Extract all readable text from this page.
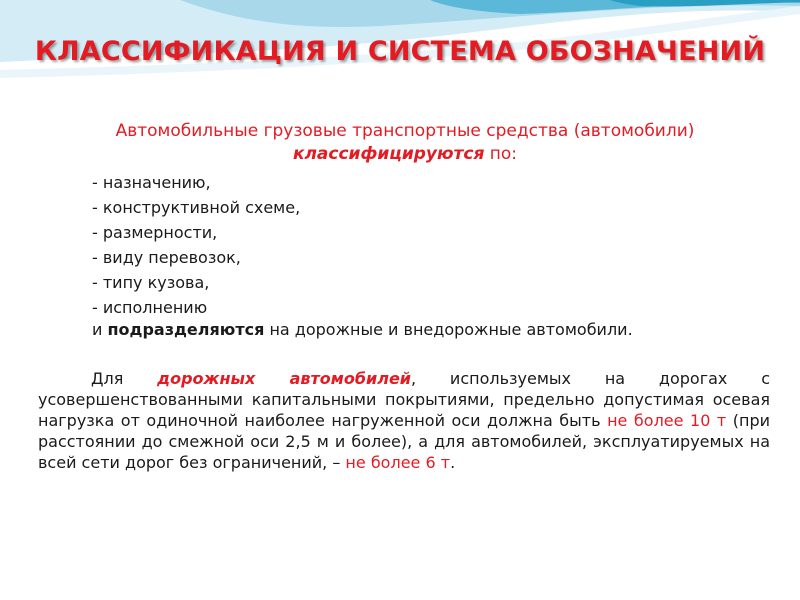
КЛАССИФИКАЦИЯ И СИСТЕМА ОБОЗНАЧЕНИЙ
Автомобильные грузовые транспортные средства (автомобили)
классифицируются по:
- назначению,
- конструктивной схеме,
- размерности,
- виду перевозок,
- типу кузова,
- исполнению
и подразделяются на дорожные и внедорожные автомобили.

Для дорожных автомобилей, используемых на дорогах с усовершенствованными капитальными покрытиями, предельно допустимая осевая нагрузка от одиночной наиболее нагруженной оси должна быть не более 10 т (при расстоянии до смежной оси 2,5 м и более), а для автомобилей, эксплуатируемых на всей сети дорог без ограничений, – не более 6 т.
